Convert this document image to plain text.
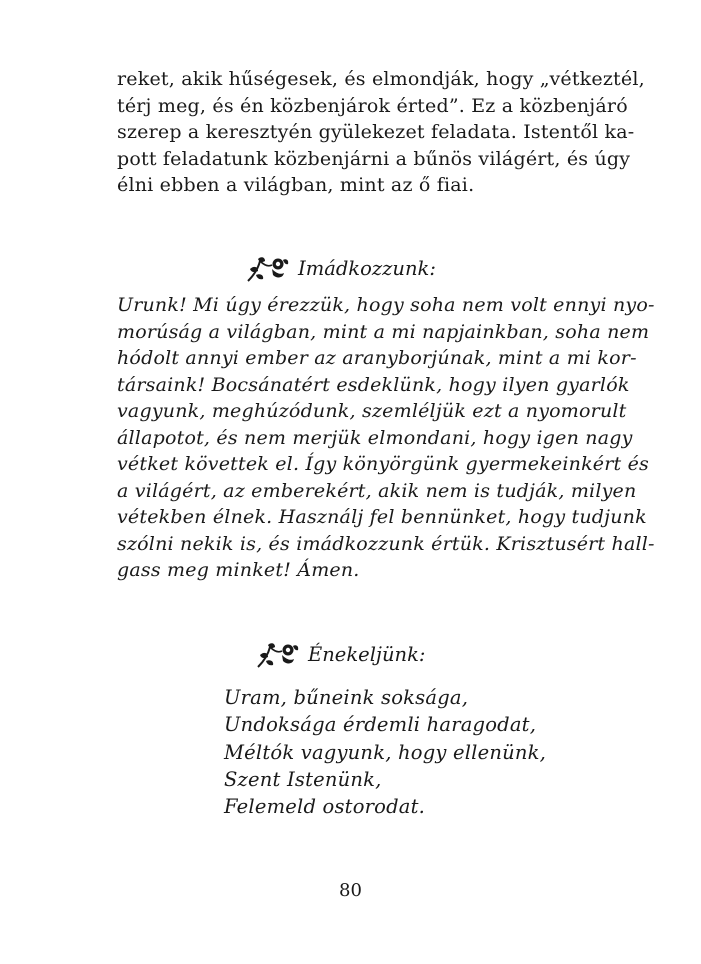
reket, akik hűségesek, és elmondják, hogy „vétkeztél,
térj meg, és én közbenjárok érted”. Ez a közbenjáró
szerep a keresztyén gyülekezet feladata. Istentől ka-
pott feladatunk közbenjárni a bűnös világért, és úgy
élni ebben a világban, mint az ő fiai.
Imádkozzunk:
Urunk! Mi úgy érezzük, hogy soha nem volt ennyi nyo-
morúság a világban, mint a mi napjainkban, soha nem
hódolt annyi ember az aranyborjúnak, mint a mi kor-
társaink! Bocsánatért esdeklünk, hogy ilyen gyarlók
vagyunk, meghúzódunk, szemléljük ezt a nyomorult
állapotot, és nem merjük elmondani, hogy igen nagy
vétket követtek el. Így könyörgünk gyermekeinkért és
a világért, az emberekért, akik nem is tudják, milyen
vétekben élnek. Használj fel bennünket, hogy tudjunk
szólni nekik is, és imádkozzunk értük. Krisztusért hall-
gass meg minket! Ámen.
Énekeljünk:
Uram, bűneink soksága,
Undoksága érdemli haragodat,
Méltók vagyunk, hogy ellenünk,
Szent Istenünk,
Felemeld ostorodat.
80
